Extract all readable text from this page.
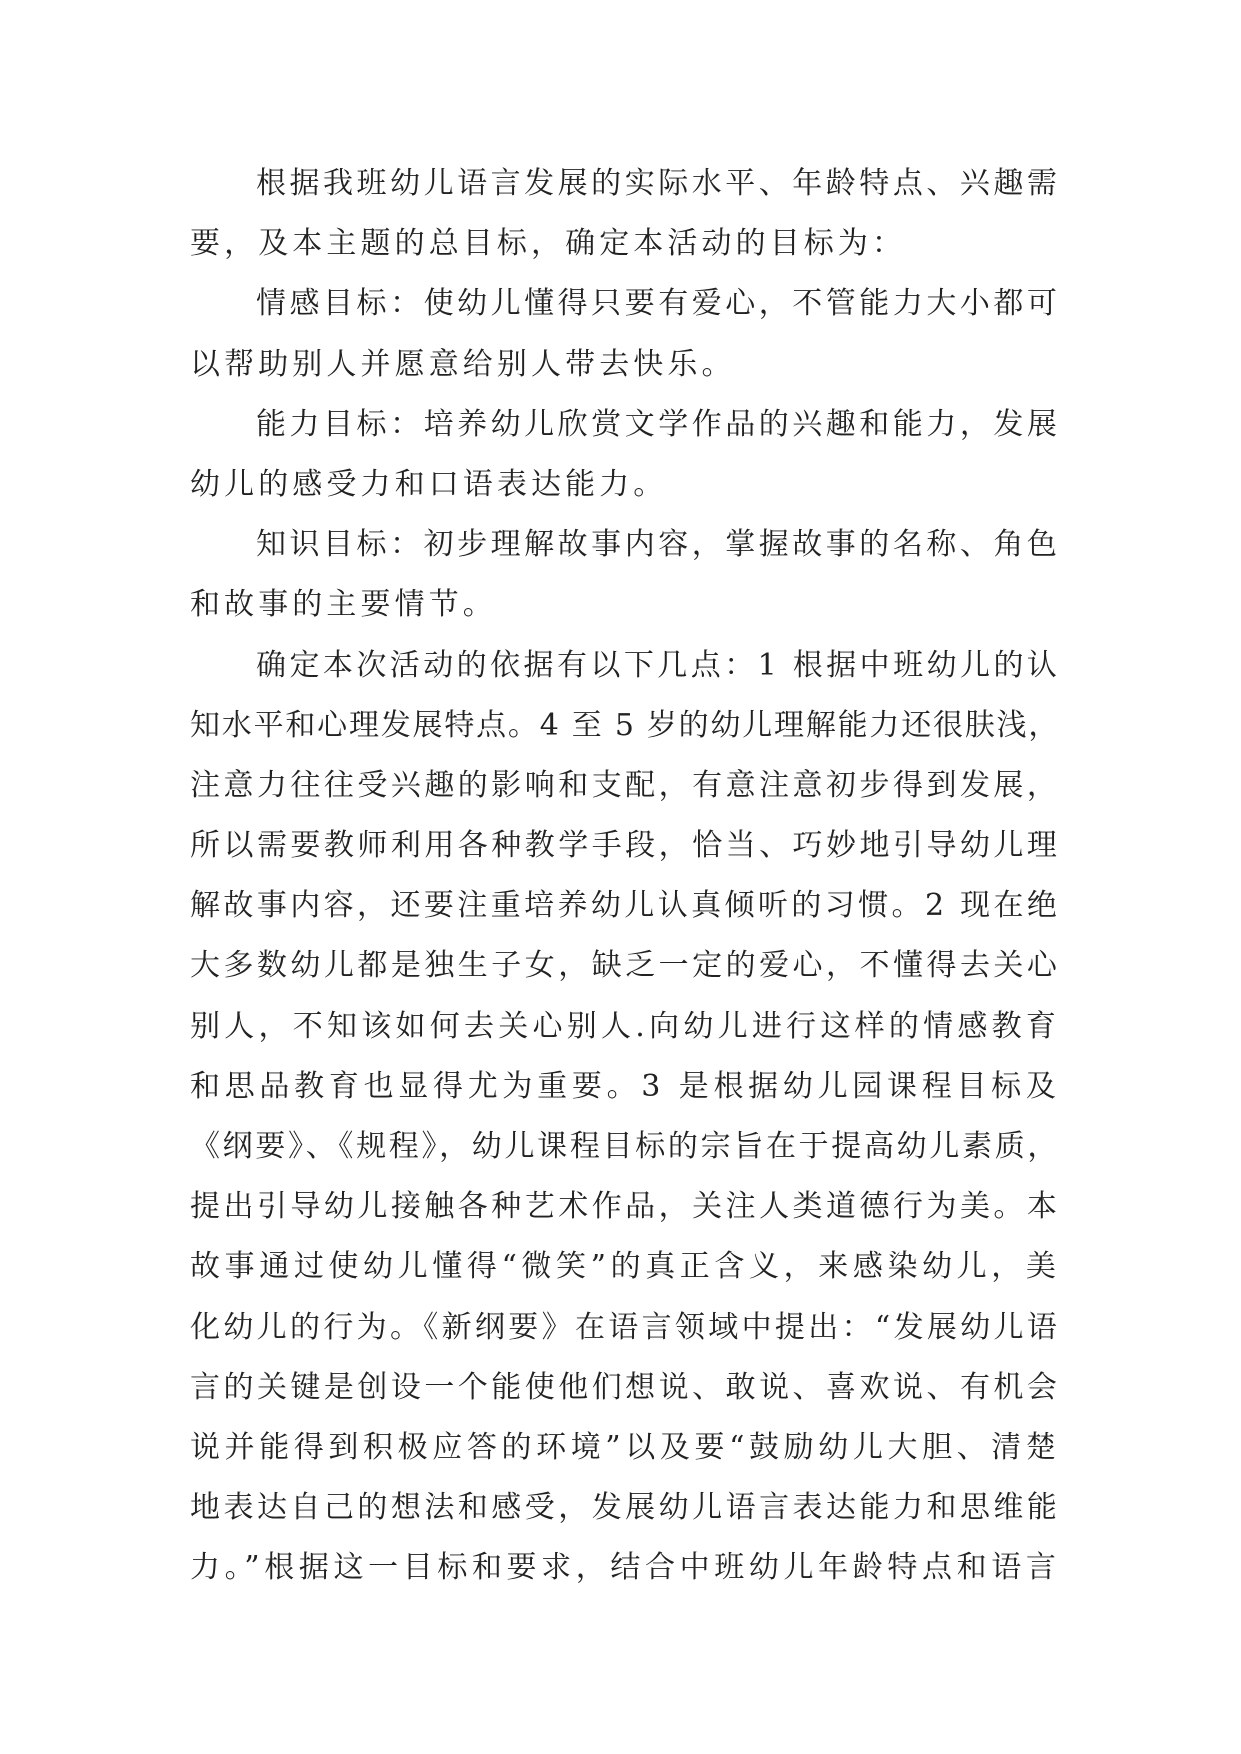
根据我班幼儿语言发展的实际水平、年龄特点、兴趣需
要，及本主题的总目标，确定本活动的目标为：
情感目标：使幼儿懂得只要有爱心，不管能力大小都可
以帮助别人并愿意给别人带去快乐。
能力目标：培养幼儿欣赏文学作品的兴趣和能力，发展
幼儿的感受力和口语表达能力。
知识目标：初步理解故事内容，掌握故事的名称、角色
和故事的主要情节。
确定本次活动的依据有以下几点：1 根据中班幼儿的认
知水平和心理发展特点。4 至 5 岁的幼儿理解能力还很肤浅，
注意力往往受兴趣的影响和支配，有意注意初步得到发展，
所以需要教师利用各种教学手段，恰当、巧妙地引导幼儿理
解故事内容，还要注重培养幼儿认真倾听的习惯。2 现在绝
大多数幼儿都是独生子女，缺乏一定的爱心，不懂得去关心
别人，不知该如何去关心别人.向幼儿进行这样的情感教育
和思品教育也显得尤为重要。3 是根据幼儿园课程目标及
《纲要》、《规程》，幼儿课程目标的宗旨在于提高幼儿素质，
提出引导幼儿接触各种艺术作品，关注人类道德行为美。本
故事通过使幼儿懂得“微笑”的真正含义，来感染幼儿，美
化幼儿的行为。《新纲要》在语言领域中提出：“发展幼儿语
言的关键是创设一个能使他们想说、敢说、喜欢说、有机会
说并能得到积极应答的环境”以及要“鼓励幼儿大胆、清楚
地表达自己的想法和感受，发展幼儿语言表达能力和思维能
力。”根据这一目标和要求，结合中班幼儿年龄特点和语言
